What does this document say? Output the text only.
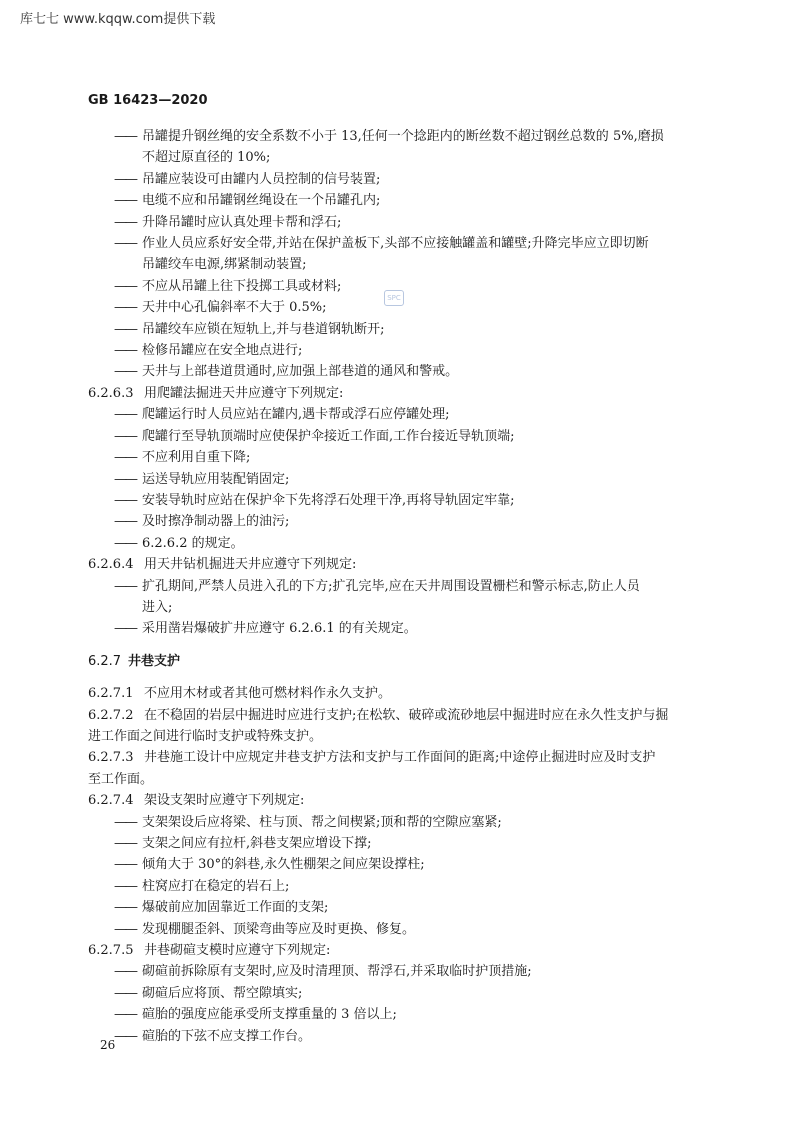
库七七 www.kqqw.com提供下载
GB 16423—2020
SPC
—— 吊罐提升钢丝绳的安全系数不小于 13,任何一个捻距内的断丝数不超过钢丝总数的 5%,磨损
不超过原直径的 10%;
—— 吊罐应装设可由罐内人员控制的信号装置;
—— 电缆不应和吊罐钢丝绳设在一个吊罐孔内;
—— 升降吊罐时应认真处理卡帮和浮石;
—— 作业人员应系好安全带,并站在保护盖板下,头部不应接触罐盖和罐壁;升降完毕应立即切断
吊罐绞车电源,绑紧制动装置;
—— 不应从吊罐上往下投掷工具或材料;
—— 天井中心孔偏斜率不大于 0.5%;
—— 吊罐绞车应锁在短轨上,并与巷道钢轨断开;
—— 检修吊罐应在安全地点进行;
—— 天井与上部巷道贯通时,应加强上部巷道的通风和警戒。
6.2.6.3 用爬罐法掘进天井应遵守下列规定:
—— 爬罐运行时人员应站在罐内,遇卡帮或浮石应停罐处理;
—— 爬罐行至导轨顶端时应使保护伞接近工作面,工作台接近导轨顶端;
—— 不应利用自重下降;
—— 运送导轨应用装配销固定;
—— 安装导轨时应站在保护伞下先将浮石处理干净,再将导轨固定牢靠;
—— 及时擦净制动器上的油污;
—— 6.2.6.2 的规定。
6.2.6.4 用天井钻机掘进天井应遵守下列规定:
—— 扩孔期间,严禁人员进入孔的下方;扩孔完毕,应在天井周围设置栅栏和警示标志,防止人员
进入;
—— 采用凿岩爆破扩井应遵守 6.2.6.1 的有关规定。
6.2.7 井巷支护
6.2.7.1 不应用木材或者其他可燃材料作永久支护。
6.2.7.2 在不稳固的岩层中掘进时应进行支护;在松软、破碎或流砂地层中掘进时应在永久性支护与掘
进工作面之间进行临时支护或特殊支护。
6.2.7.3 井巷施工设计中应规定井巷支护方法和支护与工作面间的距离;中途停止掘进时应及时支护
至工作面。
6.2.7.4 架设支架时应遵守下列规定:
—— 支架架设后应将梁、柱与顶、帮之间楔紧;顶和帮的空隙应塞紧;
—— 支架之间应有拉杆,斜巷支架应增设下撑;
—— 倾角大于 30°的斜巷,永久性棚架之间应架设撑柱;
—— 柱窝应打在稳定的岩石上;
—— 爆破前应加固靠近工作面的支架;
—— 发现棚腿歪斜、顶梁弯曲等应及时更换、修复。
6.2.7.5 井巷砌碹支模时应遵守下列规定:
—— 砌碹前拆除原有支架时,应及时清理顶、帮浮石,并采取临时护顶措施;
—— 砌碹后应将顶、帮空隙填实;
—— 碹胎的强度应能承受所支撑重量的 3 倍以上;
—— 碹胎的下弦不应支撑工作台。
26
